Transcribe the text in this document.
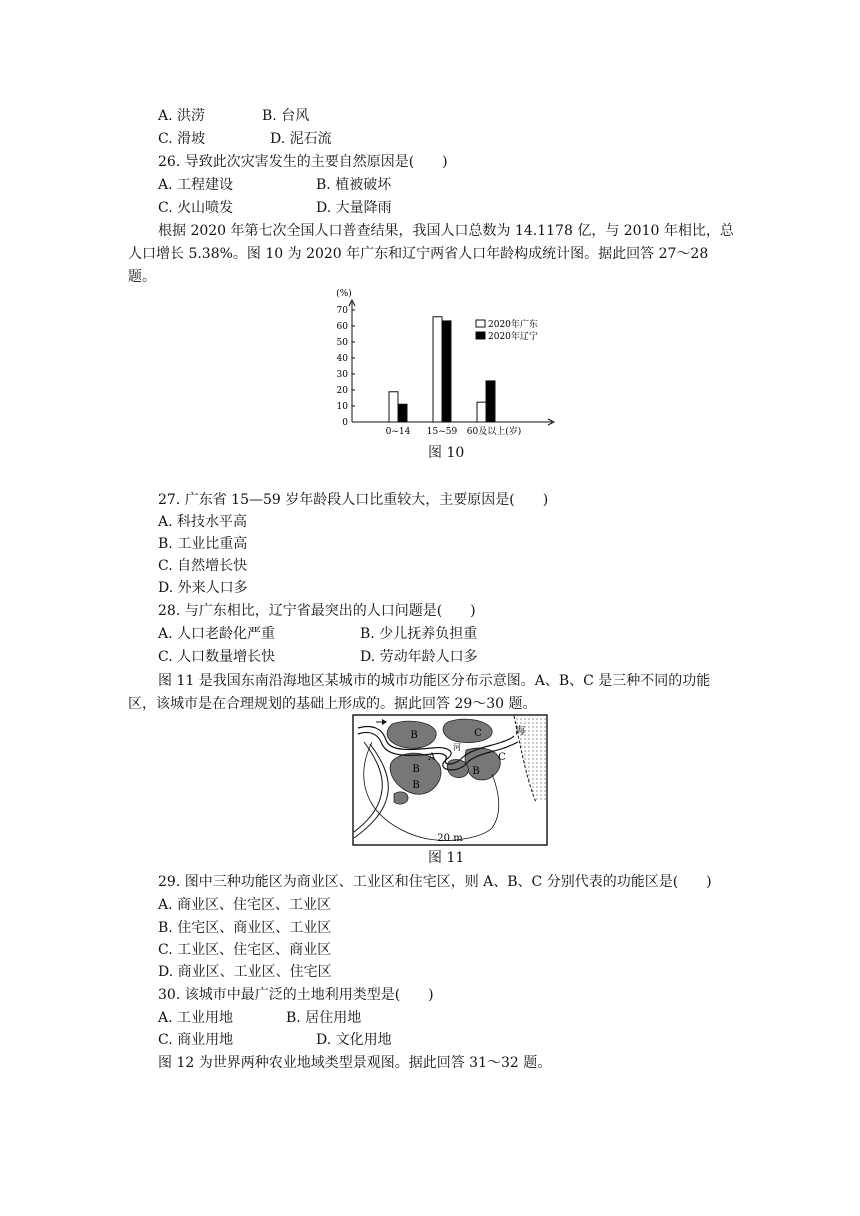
A. 洪涝	B. 台风
C. 滑坡	D. 泥石流
26. 导致此次灾害发生的主要自然原因是(　　)
A. 工程建设	B. 植被破坏
C. 火山喷发	D. 大量降雨
根据 2020 年第七次全国人口普查结果，我国人口总数为 14.1178 亿，与 2010 年相比，总人口增长 5.38%。图 10 为 2020 年广东和辽宁两省人口年龄构成统计图。据此回答 27～28 题。
(%)
0
10
20
30
40
50
60
70
0~14 15~59 60及以上(岁)
2020年广东
2020年辽宁
图 10
27. 广东省 15—59 岁年龄段人口比重较大，主要原因是(　　)
A. 科技水平高
B. 工业比重高
C. 自然增长快
D. 外来人口多
28. 与广东相比，辽宁省最突出的人口问题是(　　)
A. 人口老龄化严重	B. 少儿抚养负担重
C. 人口数量增长快	D. 劳动年龄人口多
图 11 是我国东南沿海地区某城市的城市功能区分布示意图。A、B、C 是三种不同的功能区，该城市是在合理规划的基础上形成的。据此回答 29～30 题。
B	C
河
A
B
B
B
C
海
20 m
图 11
29. 图中三种功能区为商业区、工业区和住宅区，则 A、B、C 分别代表的功能区是(　　)
A. 商业区、住宅区、工业区
B. 住宅区、商业区、工业区
C. 工业区、住宅区、商业区
D. 商业区、工业区、住宅区
30. 该城市中最广泛的土地利用类型是(　　)
A. 工业用地	B. 居住用地
C. 商业用地	D. 文化用地
图 12 为世界两种农业地域类型景观图。据此回答 31～32 题。
